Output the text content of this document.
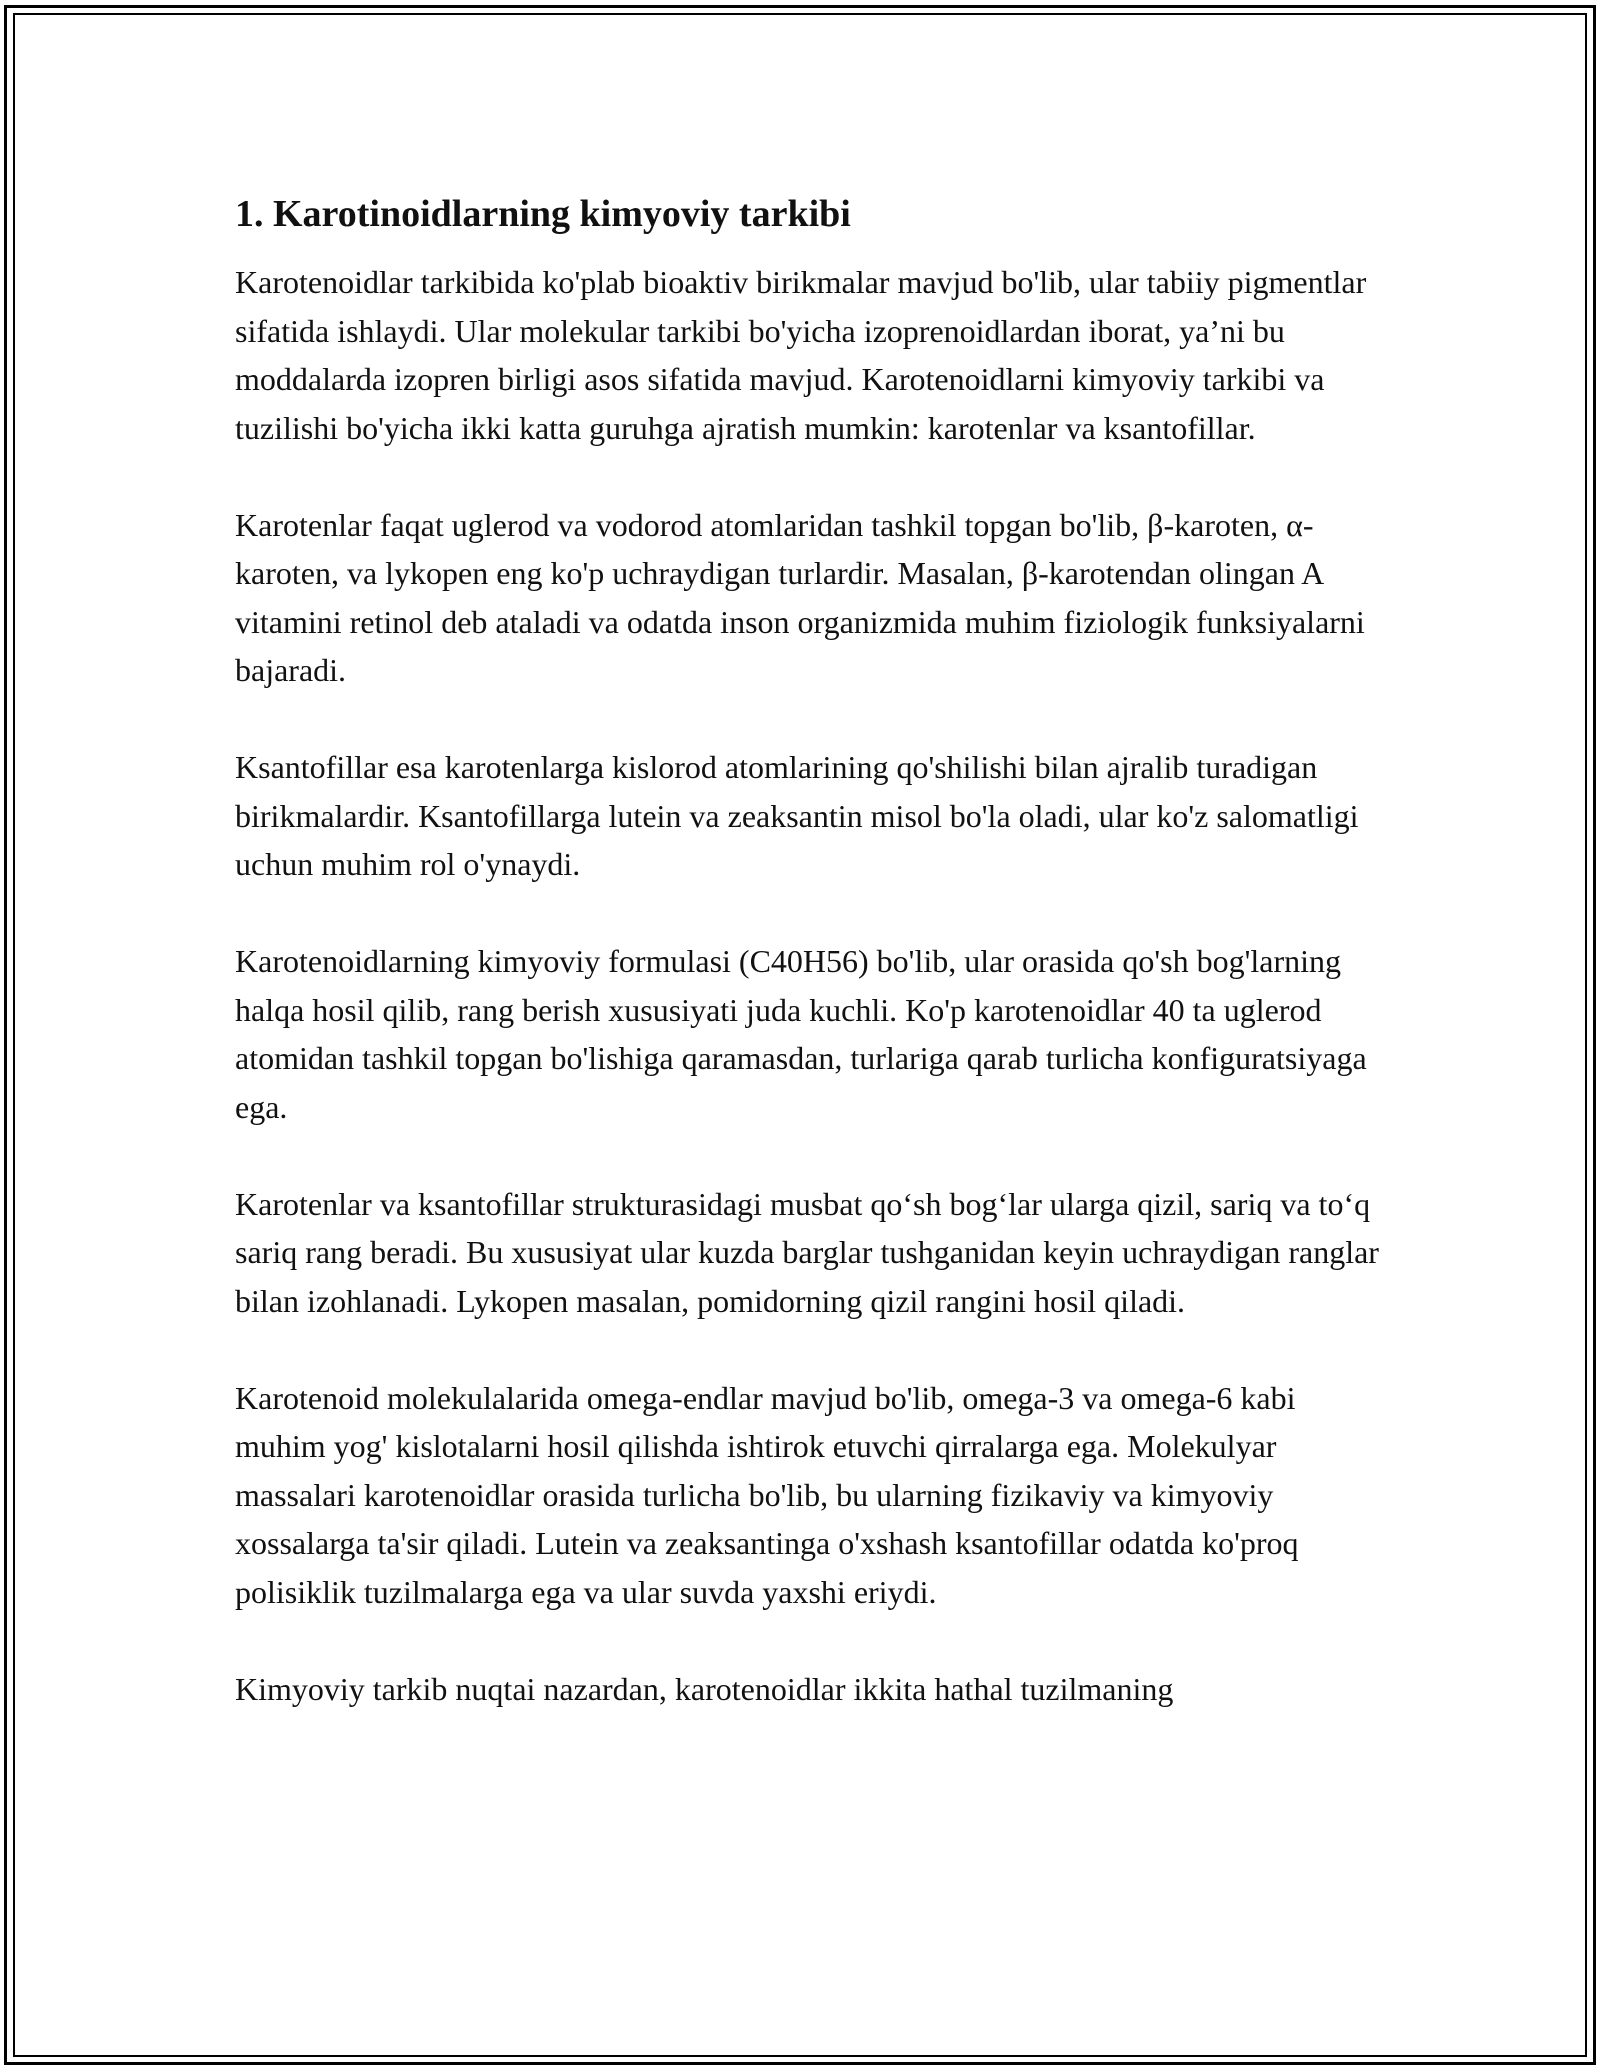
1. Karotinoidlarning kimyoviy tarkibi

Karotenoidlar tarkibida ko'plab bioaktiv birikmalar mavjud bo'lib, ular tabiiy pigmentlar sifatida ishlaydi. Ular molekular tarkibi bo'yicha izoprenoidlardan iborat, ya’ni bu moddalarda izopren birligi asos sifatida mavjud. Karotenoidlarni kimyoviy tarkibi va tuzilishi bo'yicha ikki katta guruhga ajratish mumkin: karotenlar va ksantofillar.

Karotenlar faqat uglerod va vodorod atomlaridan tashkil topgan bo'lib, β-karoten, α-karoten, va lykopen eng ko'p uchraydigan turlardir. Masalan, β-karotendan olingan A vitamini retinol deb ataladi va odatda inson organizmida muhim fiziologik funksiyalarni bajaradi.

Ksantofillar esa karotenlarga kislorod atomlarining qo'shilishi bilan ajralib turadigan birikmalardir. Ksantofillarga lutein va zeaksantin misol bo'la oladi, ular ko'z salomatligi uchun muhim rol o'ynaydi.

Karotenoidlarning kimyoviy formulasi (C40H56) bo'lib, ular orasida qo'sh bog'larning halqa hosil qilib, rang berish xususiyati juda kuchli. Ko'p karotenoidlar 40 ta uglerod atomidan tashkil topgan bo'lishiga qaramasdan, turlariga qarab turlicha konfiguratsiyaga ega.

Karotenlar va ksantofillar strukturasidagi musbat qo‘sh bog‘lar ularga qizil, sariq va to‘q sariq rang beradi. Bu xususiyat ular kuzda barglar tushganidan keyin uchraydigan ranglar bilan izohlanadi. Lykopen masalan, pomidorning qizil rangini hosil qiladi.

Karotenoid molekulalarida omega-endlar mavjud bo'lib, omega-3 va omega-6 kabi muhim yog' kislotalarni hosil qilishda ishtirok etuvchi qirralarga ega. Molekulyar massalari karotenoidlar orasida turlicha bo'lib, bu ularning fizikaviy va kimyoviy xossalarga ta'sir qiladi. Lutein va zeaksantinga o'xshash ksantofillar odatda ko'proq polisiklik tuzilmalarga ega va ular suvda yaxshi eriydi.

Kimyoviy tarkib nuqtai nazardan, karotenoidlar ikkita hathal tuzilmaning
